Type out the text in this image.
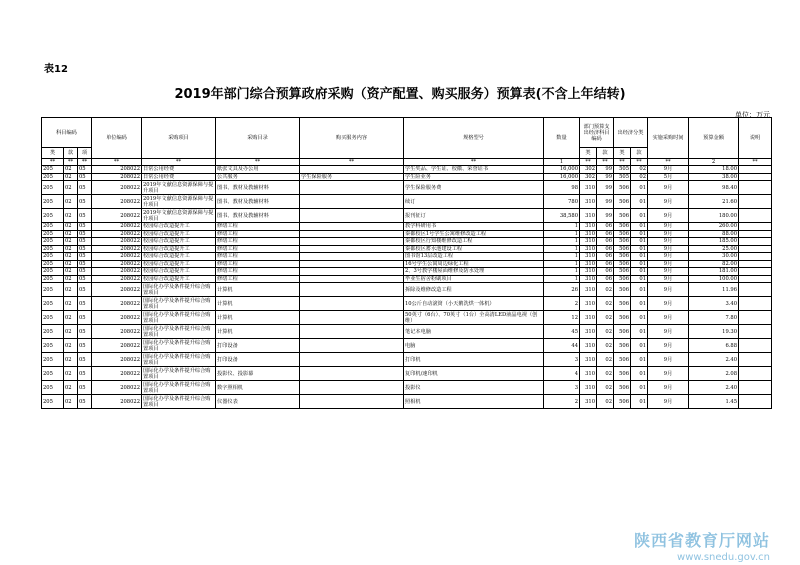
表12
2019年部门综合预算政府采购（资产配置、购买服务）预算表(不含上年结转)
单位：万元
科目编码			单位编码	采购项目	采购目录	购买服务内容	规格型号	数量	部门预算支出经济科目编码		出经济分类		实施采购时间	预算金额	说明
类	款	项							类	款	类	款			
**	**	**	**	**	**	**	**	1	**	**	**	**	**	2	**
205	02	05	208022	日常公用经费	纸张文具及办公用		学生奖品、学生证、校徽、荣誉证书	16,000	302	99	505	02	9月	18.00	
205	02	05	208022	日常公用经费	公共服务	学生保险服务	学生险业务	16,000	302	99	505	02	5月	38.00	
205	02	05	208022	2019年文献信息资源保障与提升项目	图书、教材及教辅材料		学生保险服务费	98	310	99	506	01	9月	98.40	
205	02	05	208022	2019年文献信息资源保障与提升项目	图书、教材及教辅材料		续订	780	310	99	506	01	9月	21.60	
205	02	05	208022	2019年文献信息资源保障与提升项目	图书、教材及教辅材料		报刊征订	38,580	310	99	506	01	9月	180.00	
205	02	05	208022	校园综合改造提升工	修缮工程		教学科研用书	1	310	06	506	01	9月	260.00	
205	02	05	208022	校园综合改造提升工	修缮工程		秦都校区1号学生公寓维修改造工程	1	310	06	506	01	9月	88.00	
205	02	05	208022	校园综合改造提升工	修缮工程		秦都校区行知楼维修改造工程	1	310	06	506	01	9月	185.00	
205	02	05	208022	校园综合改造提升工	修缮工程		秦都校区蓄水池建设工程	1	310	06	506	01	9月	25.00	
205	02	05	208022	校园综合改造提升工	修缮工程		图书馆13层改造工程	1	310	06	506	01	9月	30.00	
205	02	05	208022	校园综合改造提升工	修缮工程		16号学生公寓周边绿化工程	1	310	06	506	01	9月	82.00	
205	02	05	208022	校园综合改造提升工	修缮工程		2、3号教学楼屋面维修及防水处理	1	310	06	506	01	9月	181.00	
205	02	05	208022	校园综合改造提升工	修缮工程		毕业生宿舍粉刷项目	1	310	06	506	01	9月	100.00	
205	02	05	208022	国际化办学及条件提升综合购置项目	计算机		拆除及维修改造工程	26	310	02	506	01	9月	11.96	
205	02	05	208022	国际化办学及条件提升综合购置项目	计算机		10公斤自动滚筒（小天鹅洗烘一体机）	2	310	02	506	01	9月	3.40	
205	02	05	208022	国际化办学及条件提升综合购置项目	计算机		50英寸（6台）、70英寸（1台）全高清LED液晶电视（创维）	12	310	02	506	01	9月	7.80	
205	02	05	208022	国际化办学及条件提升综合购置项目	计算机		笔记本电脑	45	310	02	506	01	9月	19.30	
205	02	05	208022	国际化办学及条件提升综合购置项目	打印设备		电脑	44	310	02	506	01	9月	6.88	
205	02	05	208022	国际化办学及条件提升综合购置项目	打印设备		打印机	3	310	02	506	01	9月	2.40	
205	02	05	208022	国际化办学及条件提升综合购置项目	投影仪、投影幕		复印机/速印机	4	310	02	506	01	9月	2.08	
205	02	05	208022	国际化办学及条件提升综合购置项目	数字照相机		投影仪	3	310	02	506	01	9月	2.40	
205	02	05	208022	国际化办学及条件提升综合购置项目	仪器仪表		照相机	2	310	02	506	01	9月	1.45	
陕西省教育厅网站
www.snedu.gov.cn
